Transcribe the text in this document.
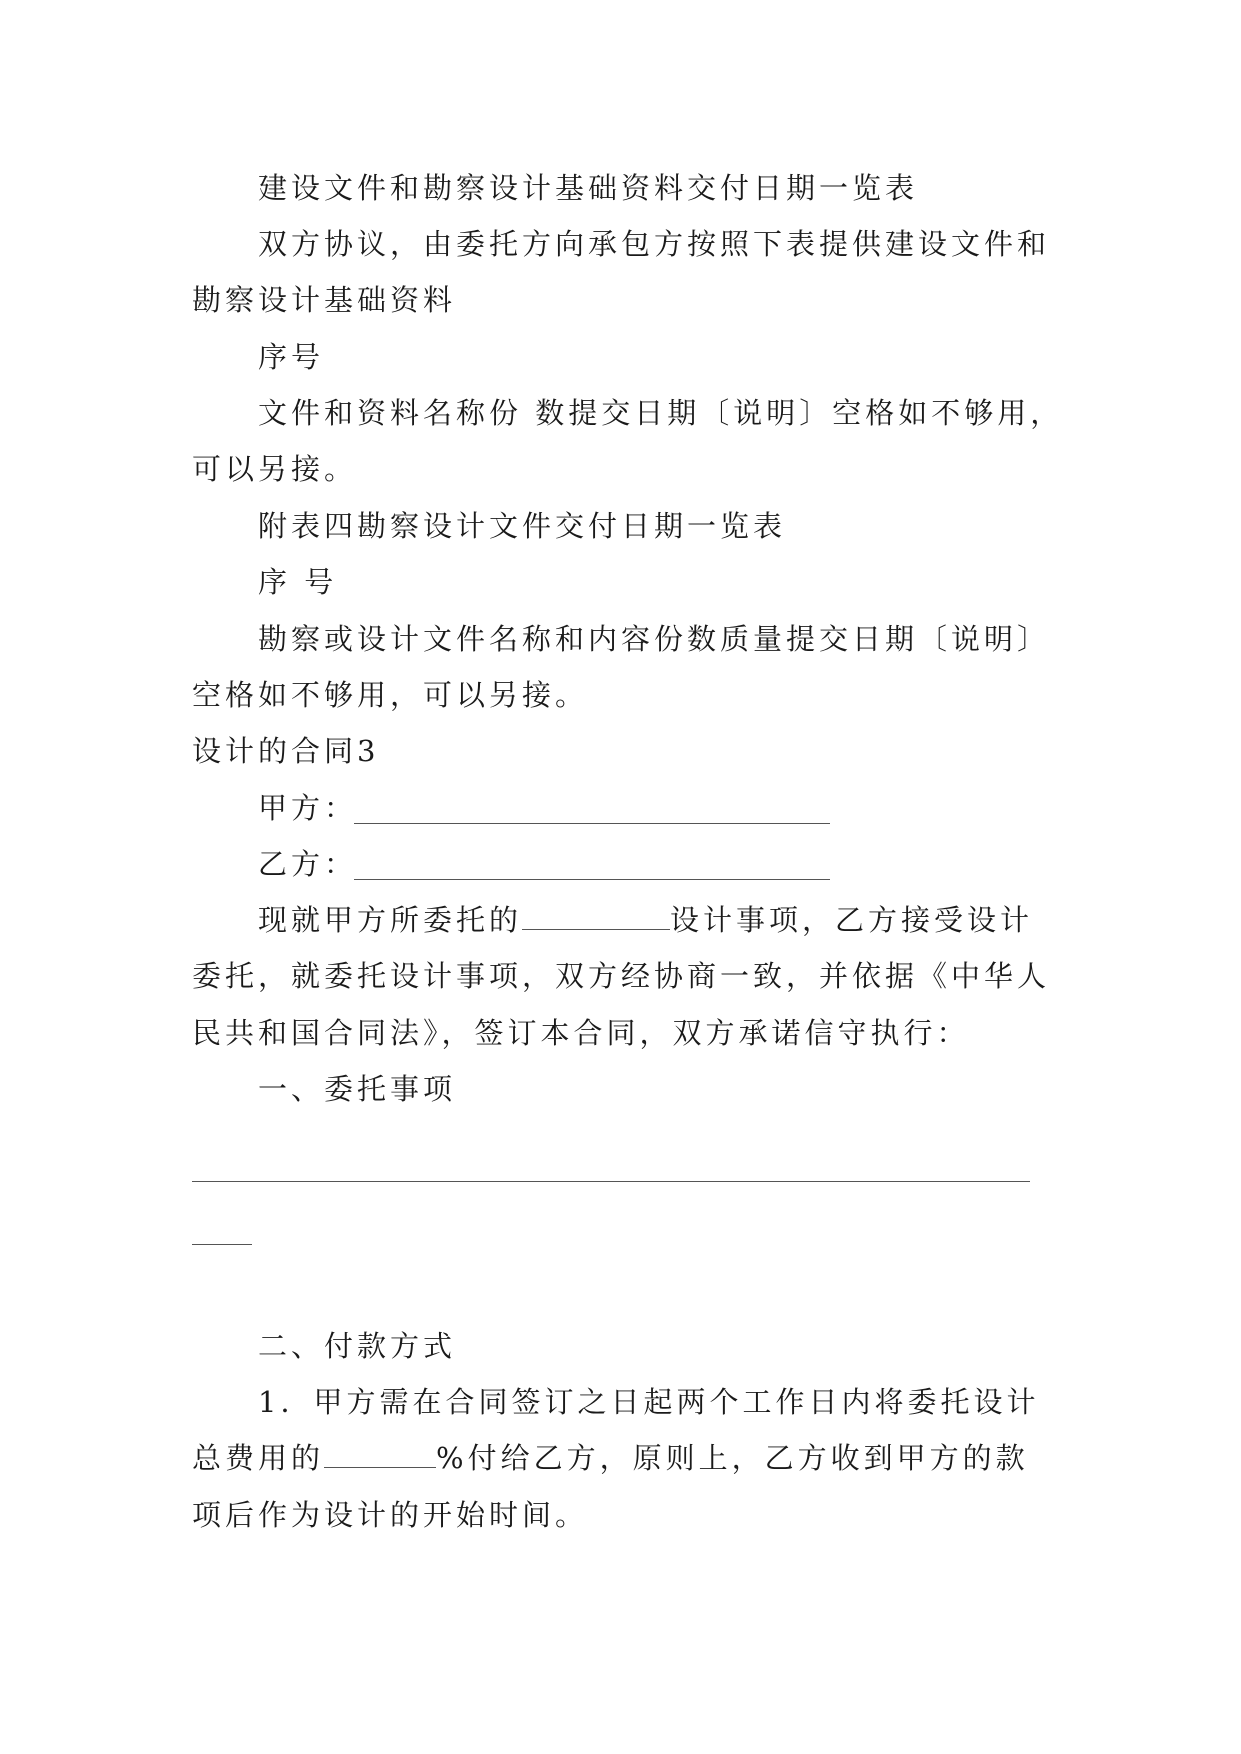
建设文件和勘察设计基础资料交付日期一览表
双方协议，由委托方向承包方按照下表提供建设文件和
勘察设计基础资料
序号
文件和资料名称份 数提交日期〔说明〕空格如不够用，
可以另接。
附表四勘察设计文件交付日期一览表
序 号
勘察或设计文件名称和内容份数质量提交日期〔说明〕
空格如不够用，可以另接。
设计的合同3
甲方：
乙方：
现就甲方所委托的	设计事项，乙方接受设计
委托，就委托设计事项，双方经协商一致，并依据《中华人
民共和国合同法》，签订本合同，双方承诺信守执行：
一、委托事项
二、付款方式
1．甲方需在合同签订之日起两个工作日内将委托设计
总费用的	%付给乙方，原则上，乙方收到甲方的款
项后作为设计的开始时间。
